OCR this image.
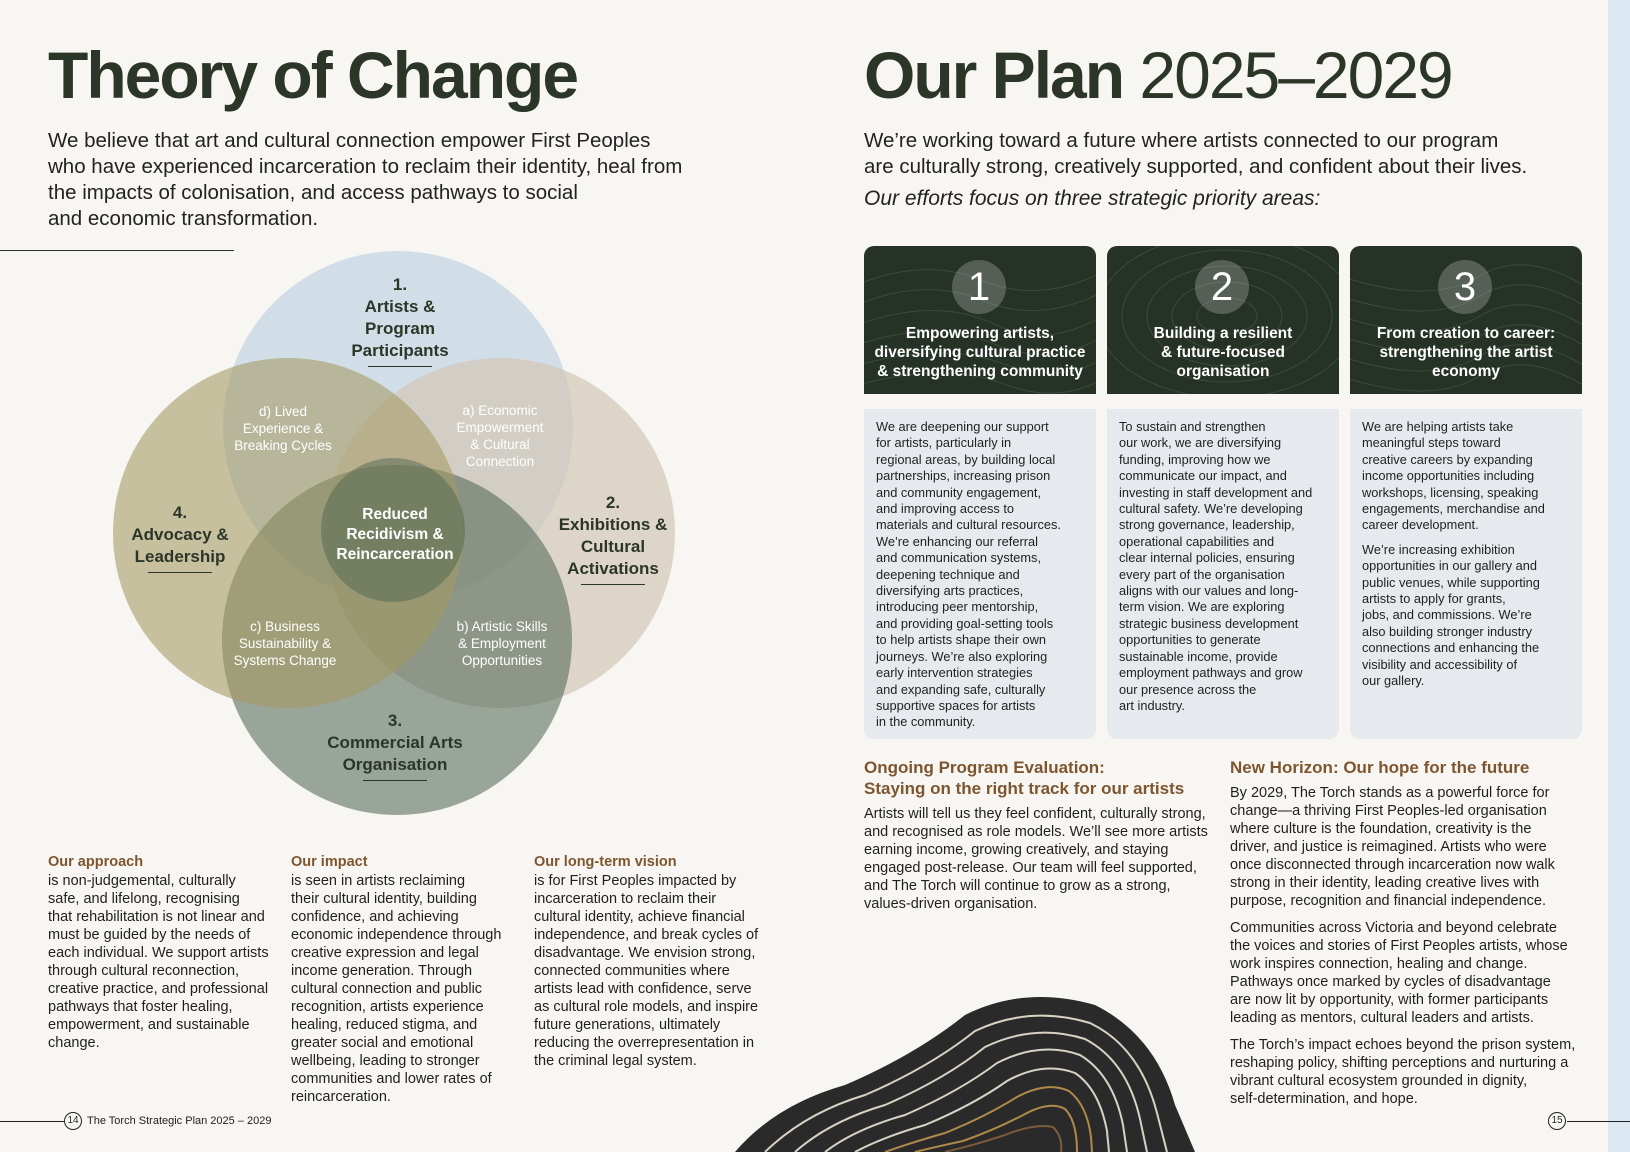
Theory of Change

We believe that art and cultural connection empower First Peoples

who have experienced incarceration to reclaim their identity, heal from

the impacts of colonisation, and access pathways to social

and economic transformation.

1.
Artists &
Program
Participants
2.
Exhibitions &
Cultural
Activations
3.
Commercial Arts
Organisation
4.
Advocacy &
Leadership
a) Economic
Empowerment
& Cultural
Connection
b) Artistic Skills
& Employment
Opportunities
c) Business
Sustainability &
Systems Change
d) Lived
Experience &
Breaking Cycles
Reduced
Recidivism &
Reincarceration

Our approach

is non-judgemental, culturally

safe, and lifelong, recognising

that rehabilitation is not linear and

must be guided by the needs of

each individual. We support artists

through cultural reconnection,

creative practice, and professional

pathways that foster healing,

empowerment, and sustainable

change.

Our impact

is seen in artists reclaiming

their cultural identity, building

confidence, and achieving

economic independence through

creative expression and legal

income generation. Through

cultural connection and public

recognition, artists experience

healing, reduced stigma, and

greater social and emotional

wellbeing, leading to stronger

communities and lower rates of

reincarceration.

Our long-term vision

is for First Peoples impacted by

incarceration to reclaim their

cultural identity, achieve financial

independence, and break cycles of

disadvantage. We envision strong,

connected communities where

artists lead with confidence, serve

as cultural role models, and inspire

future generations, ultimately

reducing the overrepresentation in

the criminal legal system.

14 The Torch Strategic Plan 2025 – 2029
Our Plan 2025–2029

We’re working toward a future where artists connected to our program

are culturally strong, creatively supported, and confident about their lives.

Our efforts focus on three strategic priority areas:

1
Empowering artists,
diversifying cultural practice
& strengthening community
2
Building a resilient
& future-focused
organisation
3
From creation to career:
strengthening the artist
economy

We are deepening our support
for artists, particularly in
regional areas, by building local
partnerships, increasing prison
and community engagement,
and improving access to
materials and cultural resources.
We’re enhancing our referral
and communication systems,
deepening technique and
diversifying arts practices,
introducing peer mentorship,
and providing goal-setting tools
to help artists shape their own
journeys. We’re also exploring
early intervention strategies
and expanding safe, culturally
supportive spaces for artists
in the community.

To sustain and strengthen
our work, we are diversifying
funding, improving how we
communicate our impact, and
investing in staff development and
cultural safety. We’re developing
strong governance, leadership,
operational capabilities and
clear internal policies, ensuring
every part of the organisation
aligns with our values and long-
term vision. We are exploring
strategic business development
opportunities to generate
sustainable income, provide
employment pathways and grow
our presence across the
art industry.

We are helping artists take
meaningful steps toward
creative careers by expanding
income opportunities including
workshops, licensing, speaking
engagements, merchandise and
career development.

We’re increasing exhibition
opportunities in our gallery and
public venues, while supporting
artists to apply for grants,
jobs, and commissions. We’re
also building stronger industry
connections and enhancing the
visibility and accessibility of
our gallery.

Ongoing Program Evaluation:

Staying on the right track for our artists

Artists will tell us they feel confident, culturally strong,
and recognised as role models. We’ll see more artists
earning income, growing creatively, and staying
engaged post-release. Our team will feel supported,
and The Torch will continue to grow as a strong,
values-driven organisation.

New Horizon: Our hope for the future

By 2029, The Torch stands as a powerful force for
change—a thriving First Peoples-led organisation
where culture is the foundation, creativity is the
driver, and justice is reimagined. Artists who were
once disconnected through incarceration now walk
strong in their identity, leading creative lives with
purpose, recognition and financial independence.

Communities across Victoria and beyond celebrate
the voices and stories of First Peoples artists, whose
work inspires connection, healing and change.
Pathways once marked by cycles of disadvantage
are now lit by opportunity, with former participants
leading as mentors, cultural leaders and artists.

The Torch’s impact echoes beyond the prison system,
reshaping policy, shifting perceptions and nurturing a
vibrant cultural ecosystem grounded in dignity,
self-determination, and hope.

15
